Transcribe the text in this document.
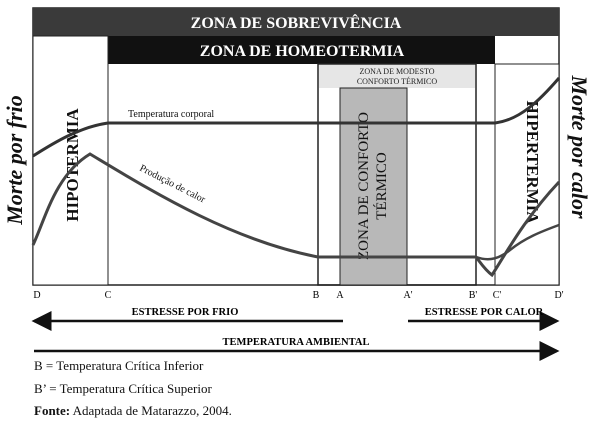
ZONA DE SOBREVIVÊNCIA
ZONA DE HOMEOTERMIA
ZONA DE MODESTO
CONFORTO TÉRMICO
ZONA DE CONFORTO TÉRMICO
HIPOTERMIA	HIPERTERMIA
Morte por frio	Morte por calor
Temperatura corporal
Produção de calor
D	C	B A	A'	B' C'	D'
ESTRESSE POR FRIO	ESTRESSE POR CALOR
TEMPERATURA AMBIENTAL
B = Temperatura Crítica Inferior
B’ = Temperatura Crítica Superior
Fonte: Adaptada de Matarazzo, 2004.
